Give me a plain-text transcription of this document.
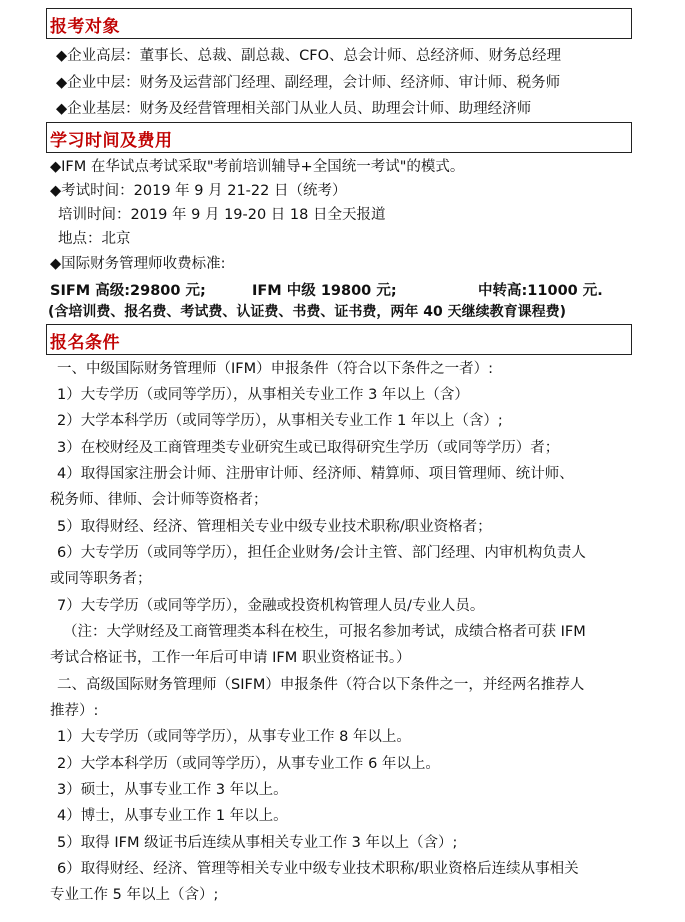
报考对象
◆企业高层：董事长、总裁、副总裁、CFO、总会计师、总经济师、财务总经理
◆企业中层：财务及运营部门经理、副经理，会计师、经济师、审计师、税务师
◆企业基层：财务及经营管理相关部门从业人员、助理会计师、助理经济师
学习时间及费用
◆IFM 在华试点考试采取"考前培训辅导+全国统一考试"的模式。
◆考试时间：2019 年 9 月 21-22 日（统考）
培训时间：2019 年 9 月 19-20 日 18 日全天报道
地点：北京
◆国际财务管理师收费标准:
SIFM 高级:29800 元;	IFM 中级 19800 元;	中转高:11000 元.
(含培训费、报名费、考试费、认证费、书费、证书费，两年 40 天继续教育课程费)
报名条件
一、中级国际财务管理师（IFM）申报条件（符合以下条件之一者）:
1）大专学历（或同等学历），从事相关专业工作 3 年以上（含）
2）大学本科学历（或同等学历），从事相关专业工作 1 年以上（含）;
3）在校财经及工商管理类专业研究生或已取得研究生学历（或同等学历）者；
4）取得国家注册会计师、注册审计师、经济师、精算师、项目管理师、统计师、
税务师、律师、会计师等资格者；
5）取得财经、经济、管理相关专业中级专业技术职称/职业资格者；
6）大专学历（或同等学历），担任企业财务/会计主管、部门经理、内审机构负责人
或同等职务者；
7）大专学历（或同等学历），金融或投资机构管理人员/专业人员。
（注：大学财经及工商管理类本科在校生，可报名参加考试，成绩合格者可获 IFM
考试合格证书，工作一年后可申请 IFM 职业资格证书。）
二、高级国际财务管理师（SIFM）申报条件（符合以下条件之一，并经两名推荐人
推荐）:
1）大专学历（或同等学历），从事专业工作 8 年以上。
2）大学本科学历（或同等学历），从事专业工作 6 年以上。
3）硕士，从事专业工作 3 年以上。
4）博士，从事专业工作 1 年以上。
5）取得 IFM 级证书后连续从事相关专业工作 3 年以上（含）;
6）取得财经、经济、管理等相关专业中级专业技术职称/职业资格后连续从事相关
专业工作 5 年以上（含）;
